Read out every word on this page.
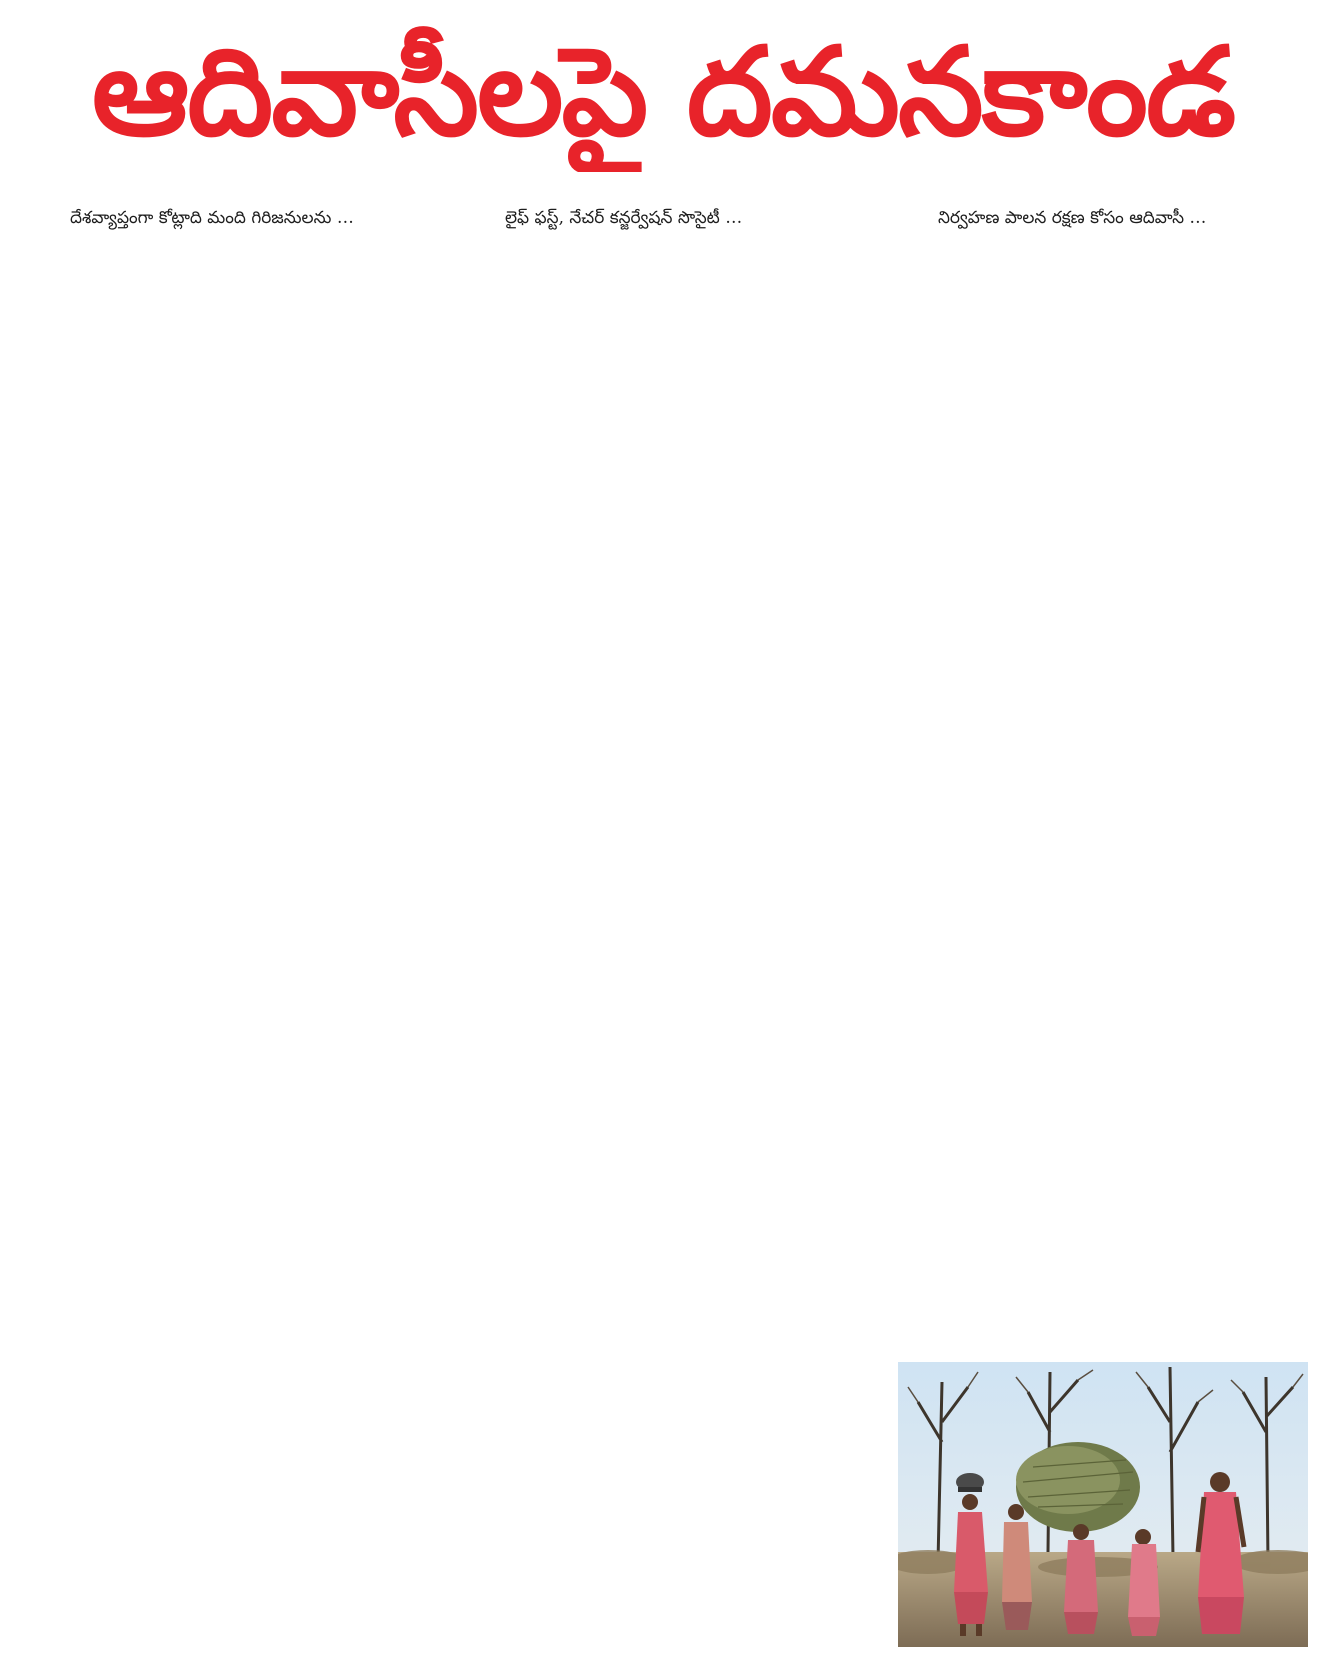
ఆదివాసీలపై దమనకాండ

దేశవ్యాప్తంగా కోట్లాది మంది గిరిజనులను …	లైఫ్ ఫస్ట్, నేచర్ కన్జర్వేషన్ సొసైటీ …	నిర్వహణ పాలన రక్షణ కోసం ఆదివాసీ …
